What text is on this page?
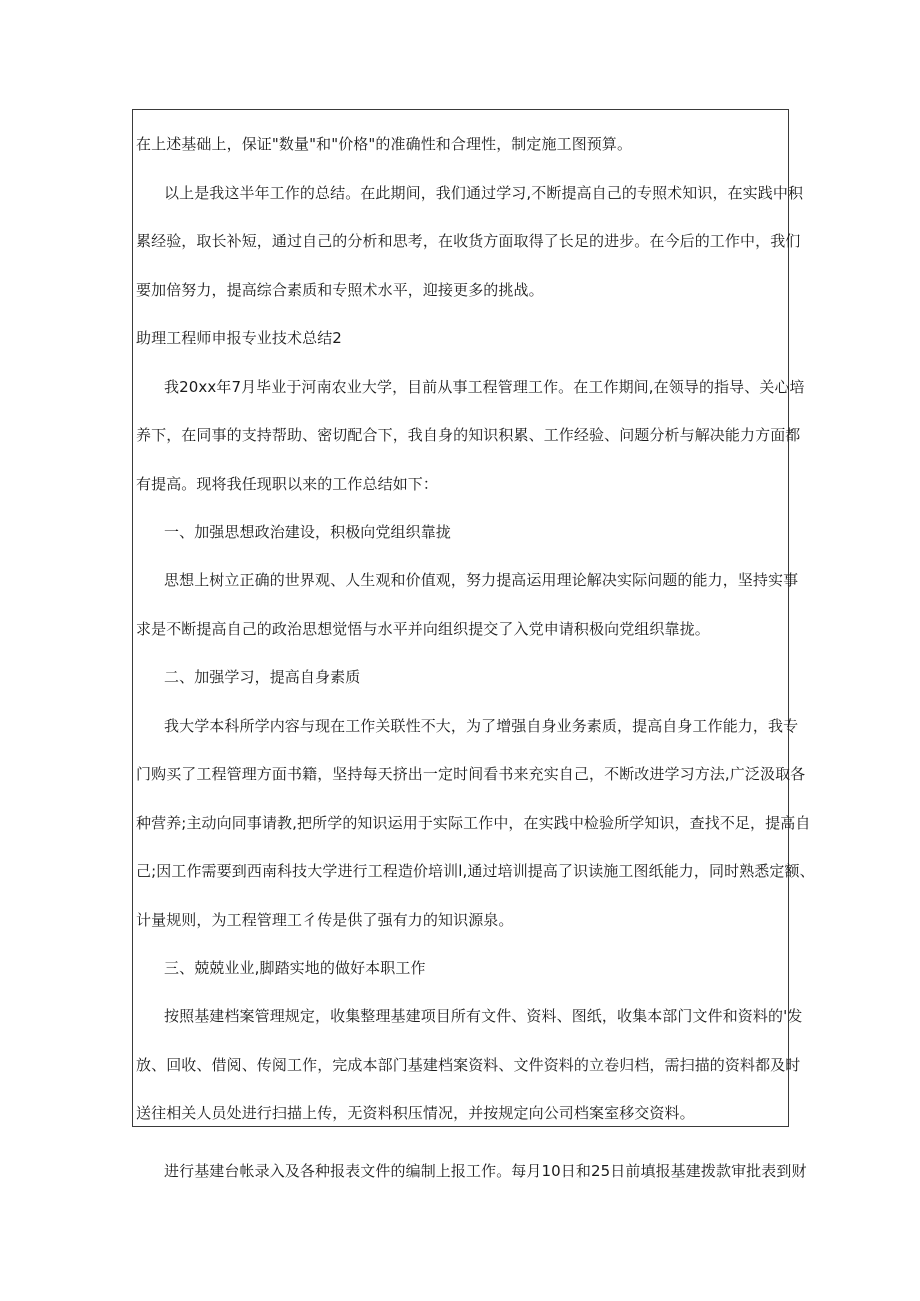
在上述基础上，保证"数量"和"价格"的准确性和合理性，制定施工图预算。
以上是我这半年工作的总结。在此期间，我们通过学习,不断提高自己的专照术知识，在实践中积
累经验，取长补短，通过自己的分析和思考，在收货方面取得了长足的进步。在今后的工作中，我们
要加倍努力，提高综合素质和专照术水平，迎接更多的挑战。
助理工程师申报专业技术总结2
我20xx年7月毕业于河南农业大学，目前从事工程管理工作。在工作期间,在领导的指导、关心培
养下，在同事的支持帮助、密切配合下，我自身的知识积累、工作经验、问题分析与解决能力方面都
有提高。现将我任现职以来的工作总结如下：
一、加强思想政治建设，积极向党组织靠拢
思想上树立正确的世界观、人生观和价值观，努力提高运用理论解决实际问题的能力，坚持实事
求是不断提高自己的政治思想觉悟与水平并向组织提交了入党申请积极向党组织靠拢。
二、加强学习，提高自身素质
我大学本科所学内容与现在工作关联性不大，为了增强自身业务素质，提高自身工作能力，我专
门购买了工程管理方面书籍，坚持每天挤出一定时间看书来充实自己，不断改进学习方法,广泛汲取各
种营养;主动向同事请教,把所学的知识运用于实际工作中，在实践中检验所学知识，查找不足，提高自
己;因工作需要到西南科技大学进行工程造价培训l,通过培训提高了识读施工图纸能力，同时熟悉定额、
计量规则，为工程管理工彳传是供了强有力的知识源泉。
三、兢兢业业,脚踏实地的做好本职工作
按照基建档案管理规定，收集整理基建项目所有文件、资料、图纸，收集本部门文件和资料的'发
放、回收、借阅、传阅工作，完成本部门基建档案资料、文件资料的立卷归档，需扫描的资料都及时
送往相关人员处进行扫描上传，无资料积压情况，并按规定向公司档案室移交资料。
进行基建台帐录入及各种报表文件的编制上报工作。每月10日和25日前填报基建拨款审批表到财
